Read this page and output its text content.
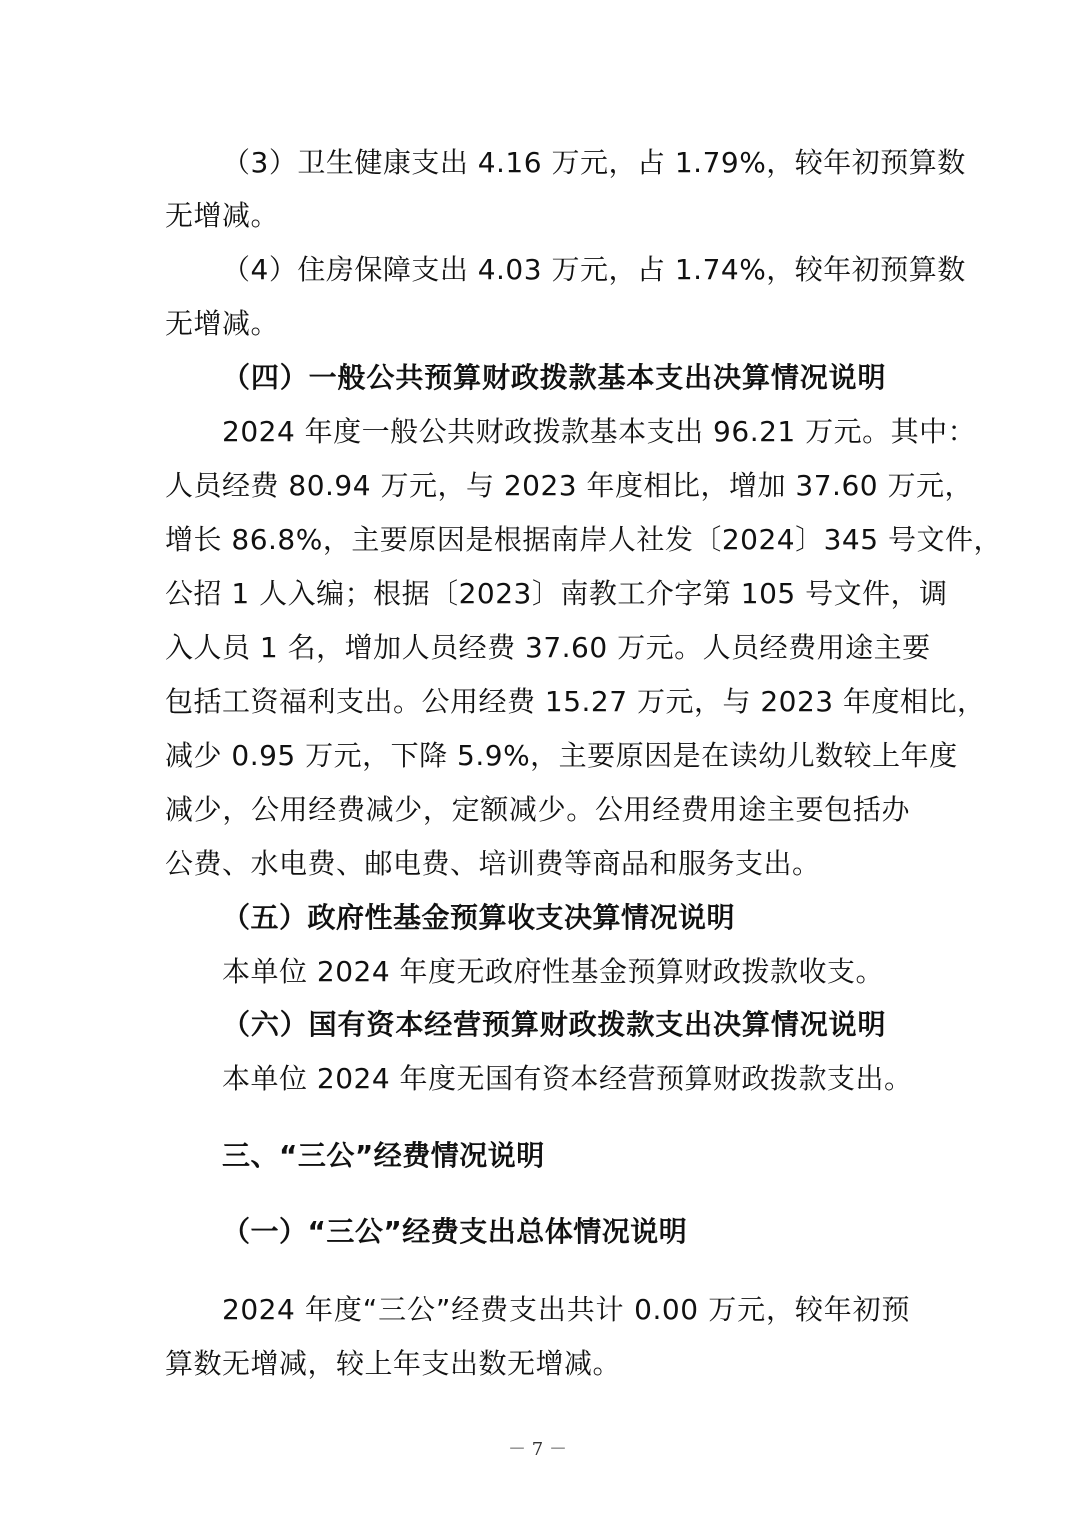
（3）卫生健康支出 4.16 万元，占 1.79%，较年初预算数
无增减。
（4）住房保障支出 4.03 万元，占 1.74%，较年初预算数
无增减。
（四）一般公共预算财政拨款基本支出决算情况说明
2024 年度一般公共财政拨款基本支出 96.21 万元。其中：
人员经费 80.94 万元，与 2023 年度相比，增加 37.60 万元，
增长 86.8%，主要原因是根据南岸人社发〔2024〕345 号文件，
公招 1 人入编；根据〔2023〕南教工介字第 105 号文件，调
入人员 1 名，增加人员经费 37.60 万元。人员经费用途主要
包括工资福利支出。公用经费 15.27 万元，与 2023 年度相比，
减少 0.95 万元，下降 5.9%，主要原因是在读幼儿数较上年度
减少，公用经费减少，定额减少。公用经费用途主要包括办
公费、水电费、邮电费、培训费等商品和服务支出。
（五）政府性基金预算收支决算情况说明
本单位 2024 年度无政府性基金预算财政拨款收支。
（六）国有资本经营预算财政拨款支出决算情况说明
本单位 2024 年度无国有资本经营预算财政拨款支出。
三、“三公”经费情况说明
（一）“三公”经费支出总体情况说明
2024 年度“三公”经费支出共计 0.00 万元，较年初预
算数无增减，较上年支出数无增减。
－ 7 －
